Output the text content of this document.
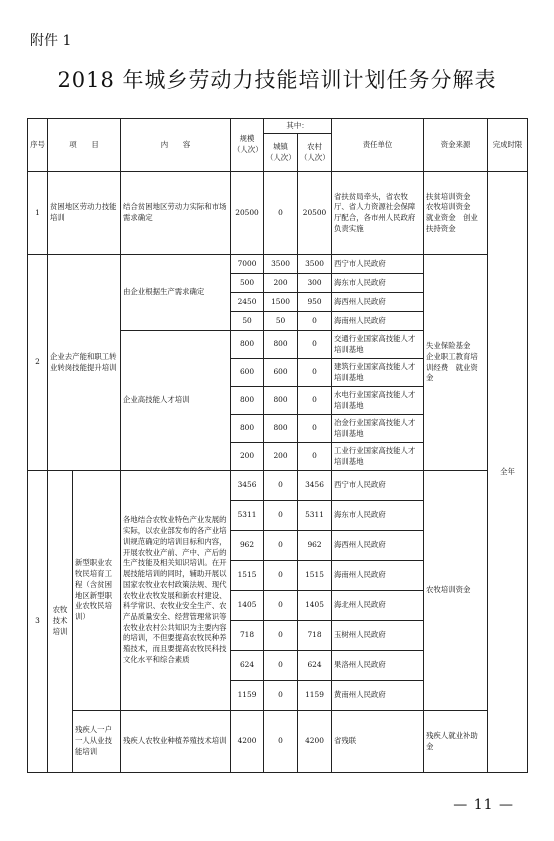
附件 1
2018 年城乡劳动力技能培训计划任务分解表
序号	项　　目		内　　容	规模（人次）	其中：		责任单位	资金来源	完成时限
					城镇（人次）	农村（人次）			
1	贫困地区劳动力技能培训		结合贫困地区劳动力实际和市场需求确定	20500	0	20500	省扶贫局牵头，省农牧厅、省人力资源社会保障厅配合，各市州人民政府负责实施	扶贫培训资金　农牧培训资金　就业资金　创业扶持资金	全年
2	企业去产能和职工转业转岗技能提升培训		由企业根据生产需求确定	7000	3500	3500	西宁市人民政府	失业保险基金　企业职工教育培训经费　就业资金	
				500	200	300	海东市人民政府		
				2450	1500	950	海西州人民政府		
				50	50	0	海南州人民政府		
			企业高技能人才培训	800	800	0	交通行业国家高技能人才培训基地		
				600	600	0	建筑行业国家高技能人才培训基地		
				800	800	0	水电行业国家高技能人才培训基地		
				800	800	0	冶金行业国家高技能人才培训基地		
				200	200	0	工业行业国家高技能人才培训基地		
3	农牧技术培训	新型职业农牧民培育工程（含贫困地区新型职业农牧民培训）	各地结合农牧业特色产业发展的实际，以农业部发布的各产业培训规范确定的培训目标和内容，开展农牧业产前、产中、产后的生产技能及相关知识培训。在开展技能培训的同时，辅助开展以国家农牧业农村政策法规、现代农牧业农牧发展和新农村建设、科学常识、农牧业安全生产、农产品质量安全、经营管理常识等农牧业农村公共知识为主要内容的培训，不但要提高农牧民种养殖技术，而且要提高农牧民科技文化水平和综合素质	3456	0	3456	西宁市人民政府	农牧培训资金	
				5311	0	5311	海东市人民政府		
				962	0	962	海西州人民政府		
				1515	0	1515	海南州人民政府		
				1405	0	1405	海北州人民政府		
				718	0	718	玉树州人民政府		
				624	0	624	果洛州人民政府		
				1159	0	1159	黄南州人民政府		
		残疾人一户一人从业技能培训	残疾人农牧业种植养殖技术培训	4200	0	4200	省残联	残疾人就业补助金	
— 11 —
